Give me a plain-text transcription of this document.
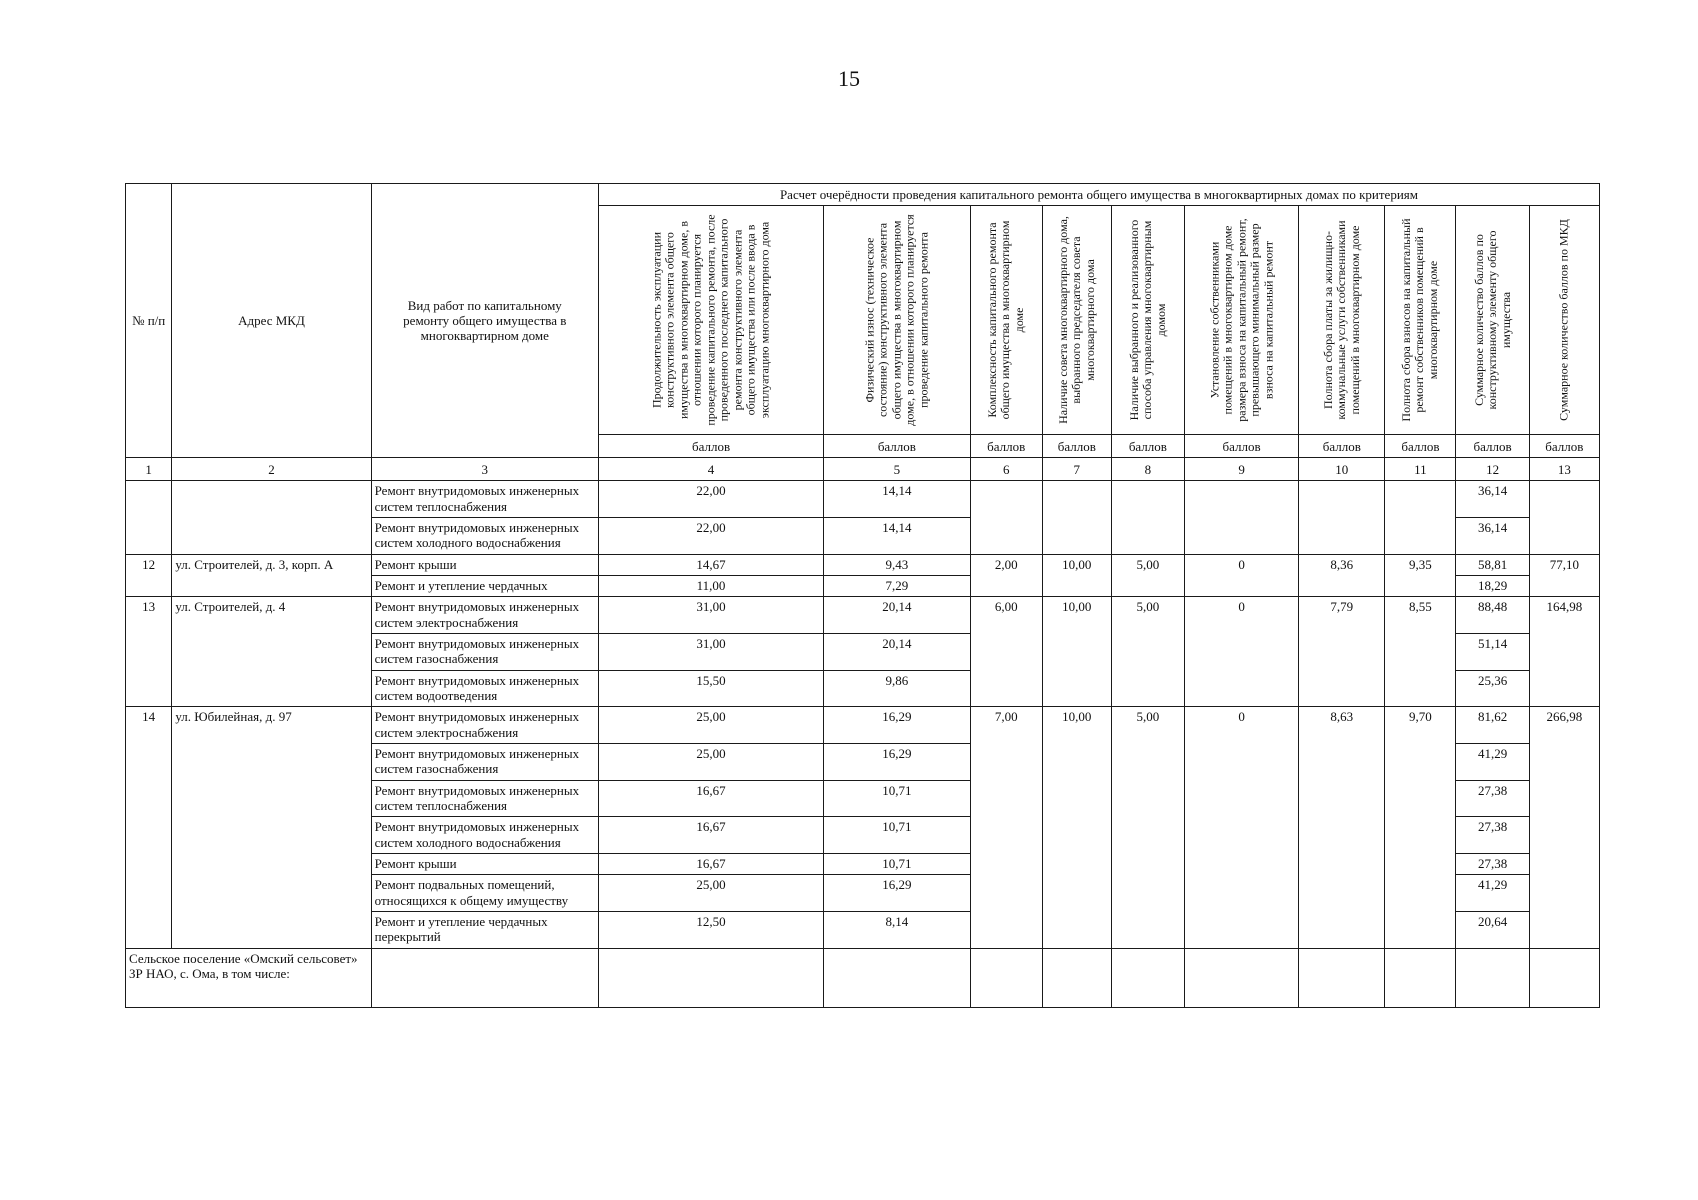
15
№ п/п	Адрес МКД	Вид работ по капитальному ремонту общего имущества в многоквартирном доме	Расчет очерёдности проведения капитального ремонта общего имущества в многоквартирных домах по критериям									

			Продолжительность эксплуатации конструктивного элемента общего имущества в многоквартирном доме, в отношении которого планируется проведение капитального ремонта, после проведенного последнего капитального ремонта конструктивного элемента общего имущества или после ввода в эксплуатацию многоквартирного дома	Физический износ (техническое состояние) конструктивного элемента общего имущества в многоквартирном доме, в отношении которого планируется проведение капитального ремонта	Комплексность капитального ремонта общего имущества в многоквартирном доме	Наличие совета многоквартирного дома, выбранного председателя совета многоквартирного дома	Наличие выбранного и реализованного способа управления многоквартирным домом	Установление собственниками помещений в многоквартирном доме размера взноса на капитальный ремонт, превышающего минимальный размер взноса на капитальный ремонт	Полнота сбора платы за жилищно-коммунальные услуги собственниками помещений в многоквартирном доме	Полнота сбора взносов на капитальный ремонт собственников помещений в многоквартирном доме	Суммарное количество баллов по конструктивному элементу общего имущества	Суммарное количество баллов по МКД

			баллов	баллов	баллов	баллов	баллов	баллов	баллов	баллов	баллов	баллов
1	2	3	4	5	6	7	8	9	10	11	12	13
		Ремонт внутридомовых инженерных систем теплоснабжения	22,00	14,14							36,14	
		Ремонт внутридомовых инженерных систем холодного водоснабжения	22,00	14,14							36,14	
12	ул. Строителей, д. 3, корп. А	Ремонт крыши	14,67	9,43	2,00	10,00	5,00	0	8,36	9,35	58,81	77,10
		Ремонт и утепление чердачных	11,00	7,29							18,29	
13	ул. Строителей, д. 4	Ремонт внутридомовых инженерных систем электроснабжения	31,00	20,14	6,00	10,00	5,00	0	7,79	8,55	88,48	164,98
		Ремонт внутридомовых инженерных систем газоснабжения	31,00	20,14							51,14	
		Ремонт внутридомовых инженерных систем водоотведения	15,50	9,86							25,36	
14	ул. Юбилейная, д. 97	Ремонт внутридомовых инженерных систем электроснабжения	25,00	16,29	7,00	10,00	5,00	0	8,63	9,70	81,62	266,98
		Ремонт внутридомовых инженерных систем газоснабжения	25,00	16,29							41,29	
		Ремонт внутридомовых инженерных систем теплоснабжения	16,67	10,71							27,38	
		Ремонт внутридомовых инженерных систем холодного водоснабжения	16,67	10,71							27,38	
		Ремонт крыши	16,67	10,71							27,38	
		Ремонт подвальных помещений, относящихся к общему имуществу	25,00	16,29							41,29	
		Ремонт и утепление чердачных перекрытий	12,50	8,14							20,64	
Сельское поселение «Омский сельсовет» ЗР НАО, с. Ома, в том числе:												
